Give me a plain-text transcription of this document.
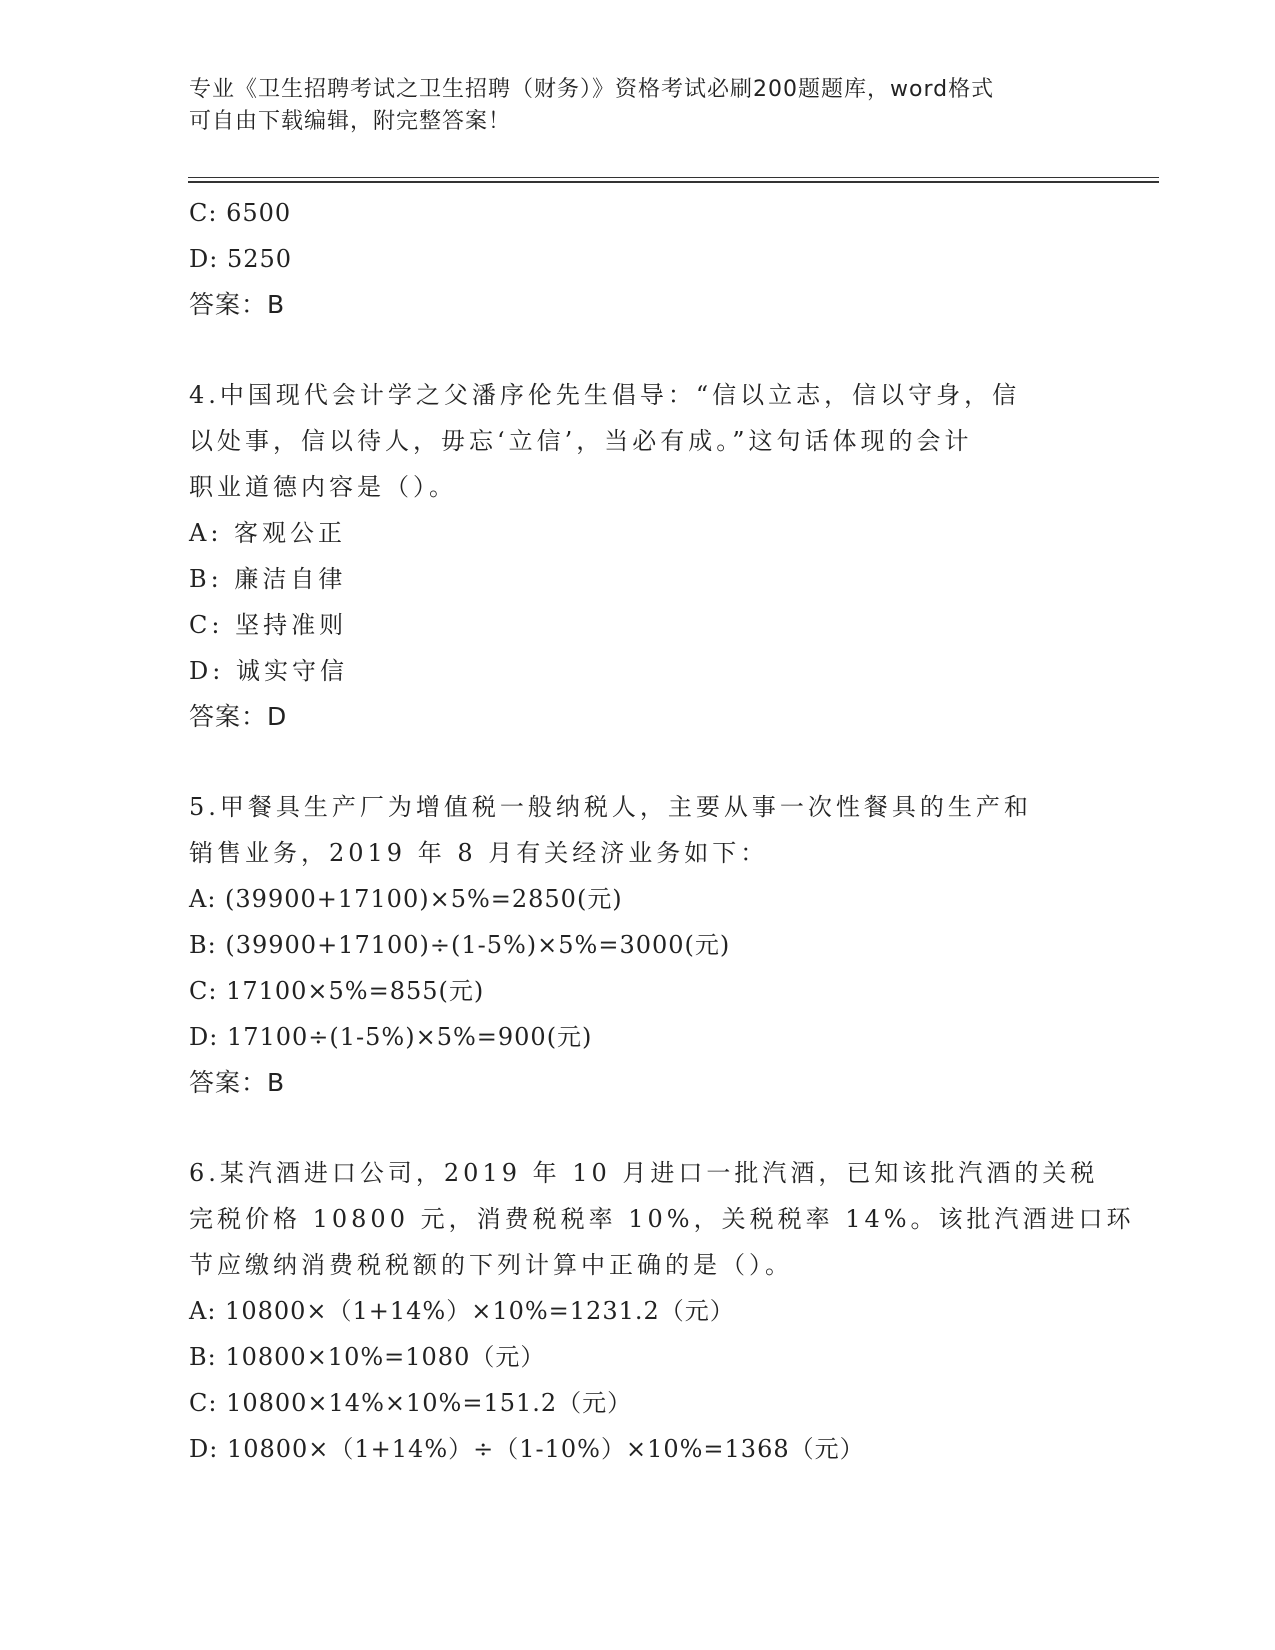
专业《卫生招聘考试之卫生招聘（财务）》资格考试必刷200题题库，word格式
可自由下载编辑，附完整答案！
C: 6500
D: 5250
答案：B
4.中国现代会计学之父潘序伦先生倡导：“信以立志，信以守身，信
以处事，信以待人，毋忘‘立信’，当必有成。”这句话体现的会计
职业道德内容是（）。
A: 客观公正
B: 廉洁自律
C: 坚持准则
D: 诚实守信
答案：D
5.甲餐具生产厂为增值税一般纳税人，主要从事一次性餐具的生产和
销售业务，2019 年 8 月有关经济业务如下：
A: (39900+17100)×5%=2850(元)
B: (39900+17100)÷(1-5%)×5%=3000(元)
C: 17100×5%=855(元)
D: 17100÷(1-5%)×5%=900(元)
答案：B
6.某汽酒进口公司，2019 年 10 月进口一批汽酒，已知该批汽酒的关税
完税价格 10800 元，消费税税率 10%，关税税率 14%。该批汽酒进口环
节应缴纳消费税税额的下列计算中正确的是（）。
A: 10800×（1+14%）×10%=1231.2（元）
B: 10800×10%=1080（元）
C: 10800×14%×10%=151.2（元）
D: 10800×（1+14%）÷（1-10%）×10%=1368（元）
